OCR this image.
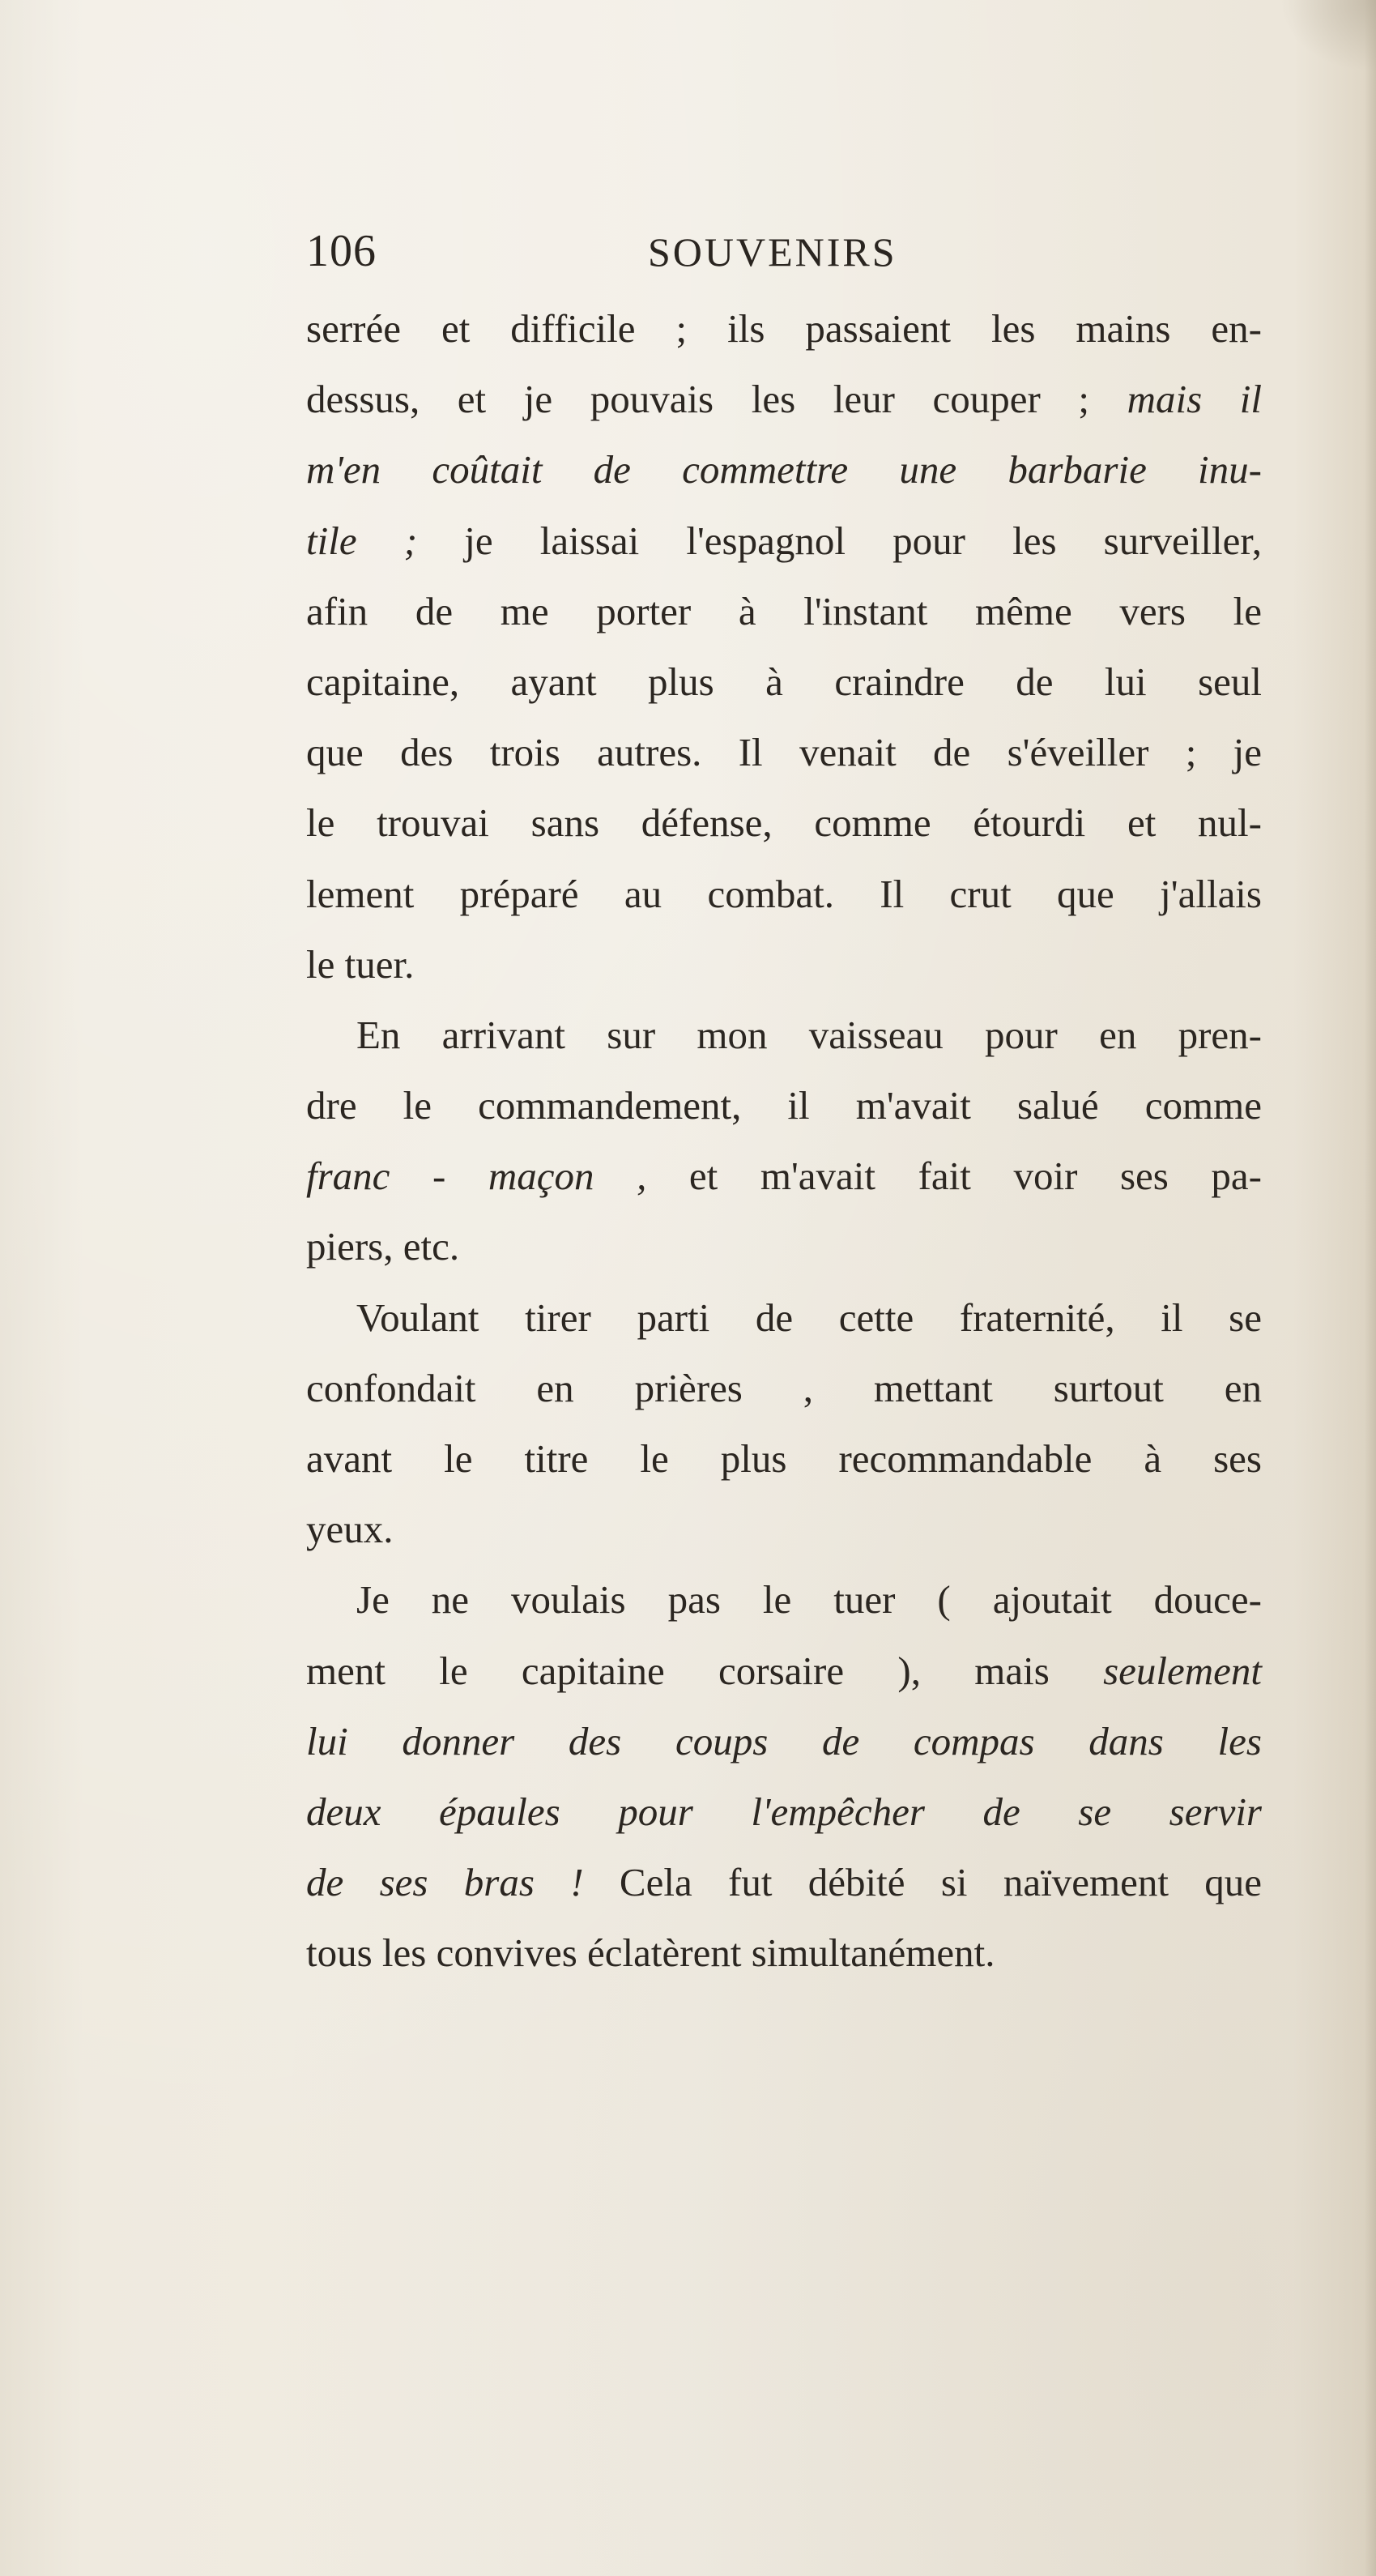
106	SOUVENIRS
serrée et difficile ; ils passaient les mains en-
dessus, et je pouvais les leur couper ; mais il
m'en coûtait de commettre une barbarie inu-
tile ; je laissai l'espagnol pour les surveiller,
afin de me porter à l'instant même vers le
capitaine, ayant plus à craindre de lui seul
que des trois autres. Il venait de s'éveiller ; je
le trouvai sans défense, comme étourdi et nul-
lement préparé au combat. Il crut que j'allais
le tuer.
En arrivant sur mon vaisseau pour en pren-
dre le commandement, il m'avait salué comme
franc - maçon , et m'avait fait voir ses pa-
piers, etc.
Voulant tirer parti de cette fraternité, il se
confondait en prières , mettant surtout en
avant le titre le plus recommandable à ses
yeux.
Je ne voulais pas le tuer ( ajoutait douce-
ment le capitaine corsaire ), mais seulement
lui donner des coups de compas dans les
deux épaules pour l'empêcher de se servir
de ses bras ! Cela fut débité si naïvement que
tous les convives éclatèrent simultanément.
